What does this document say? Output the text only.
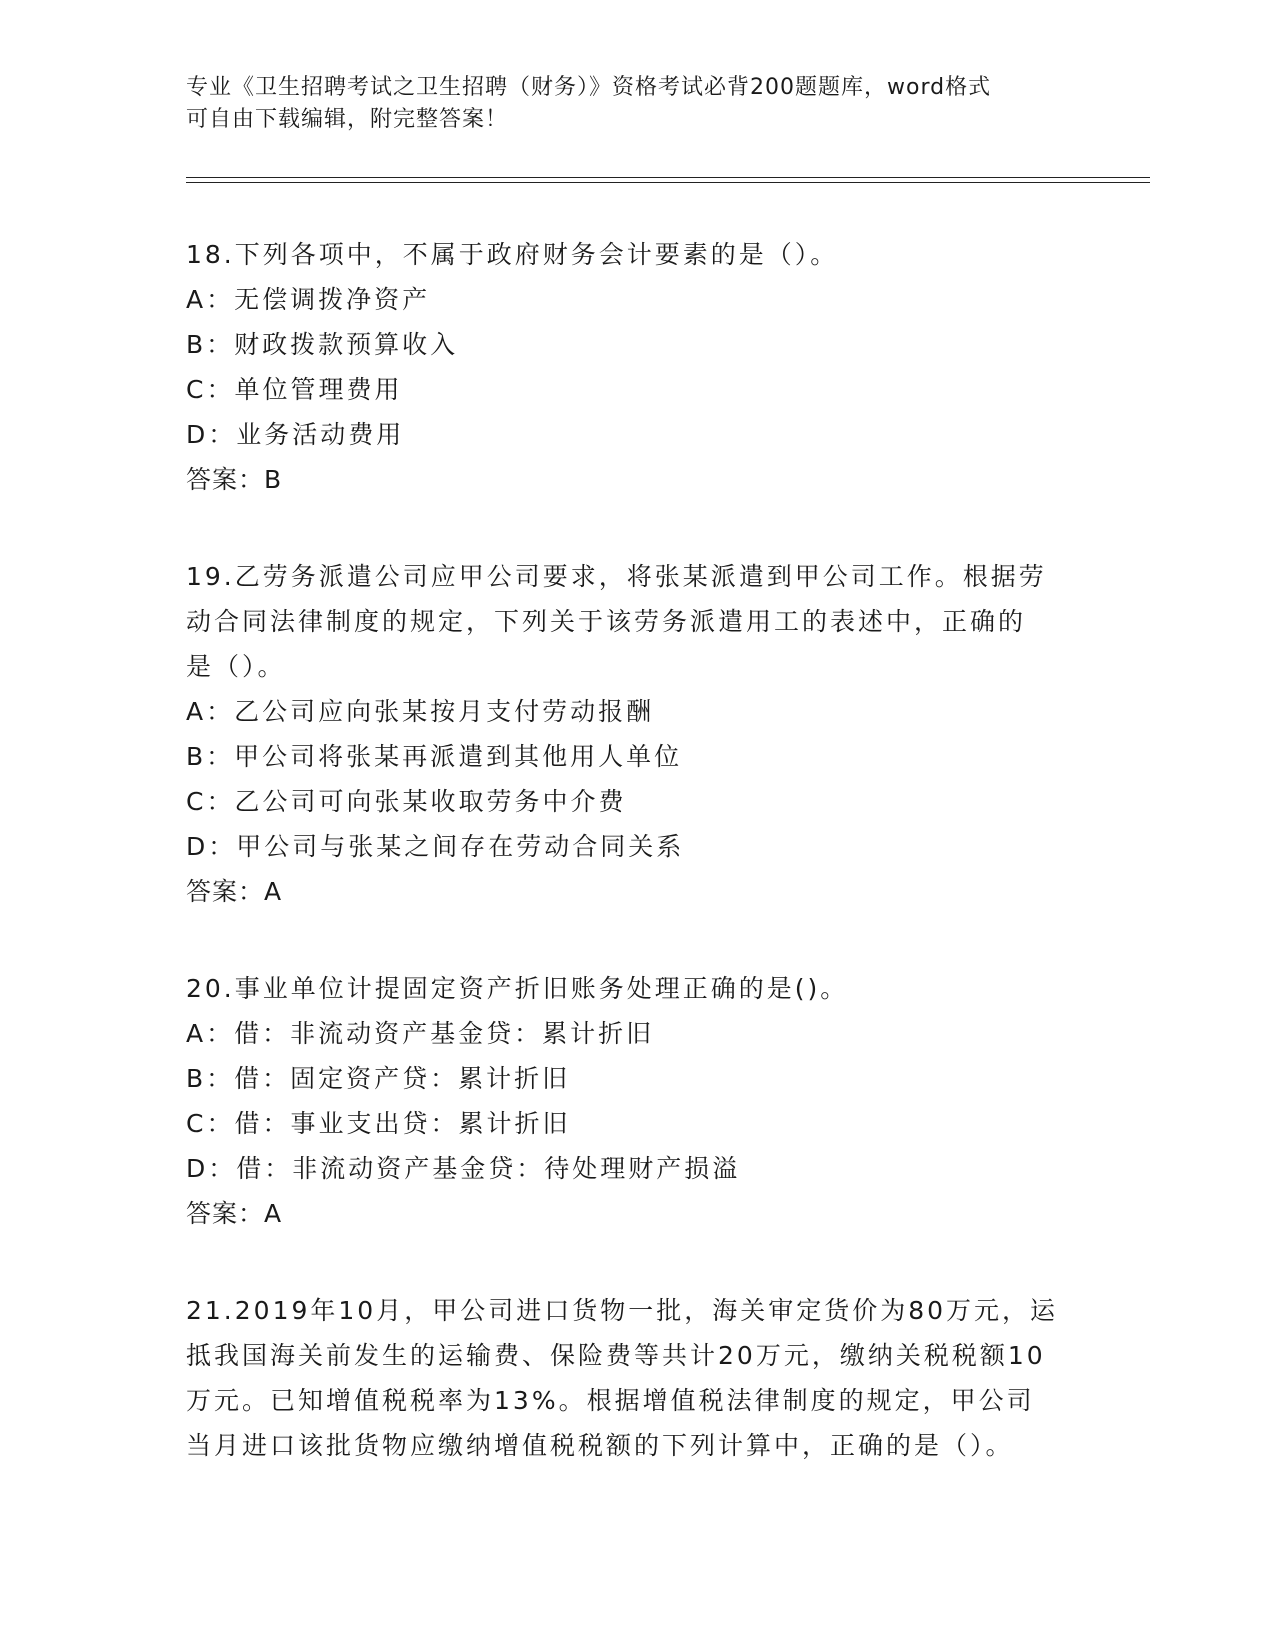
专业《卫生招聘考试之卫生招聘（财务）》资格考试必背200题题库，word格式
可自由下载编辑，附完整答案！
18.下列各项中，不属于政府财务会计要素的是（）。
A：无偿调拨净资产
B：财政拨款预算收入
C：单位管理费用
D：业务活动费用
答案：B
19.乙劳务派遣公司应甲公司要求，将张某派遣到甲公司工作。根据劳
动合同法律制度的规定，下列关于该劳务派遣用工的表述中，正确的
是（）。
A：乙公司应向张某按月支付劳动报酬
B：甲公司将张某再派遣到其他用人单位
C：乙公司可向张某收取劳务中介费
D：甲公司与张某之间存在劳动合同关系
答案：A
20.事业单位计提固定资产折旧账务处理正确的是()。
A：借：非流动资产基金贷：累计折旧
B：借：固定资产贷：累计折旧
C：借：事业支出贷：累计折旧
D：借：非流动资产基金贷：待处理财产损溢
答案：A
21.2019年10月，甲公司进口货物一批，海关审定货价为80万元，运
抵我国海关前发生的运输费、保险费等共计20万元，缴纳关税税额10
万元。已知增值税税率为13%。根据增值税法律制度的规定，甲公司
当月进口该批货物应缴纳增值税税额的下列计算中，正确的是（）。
